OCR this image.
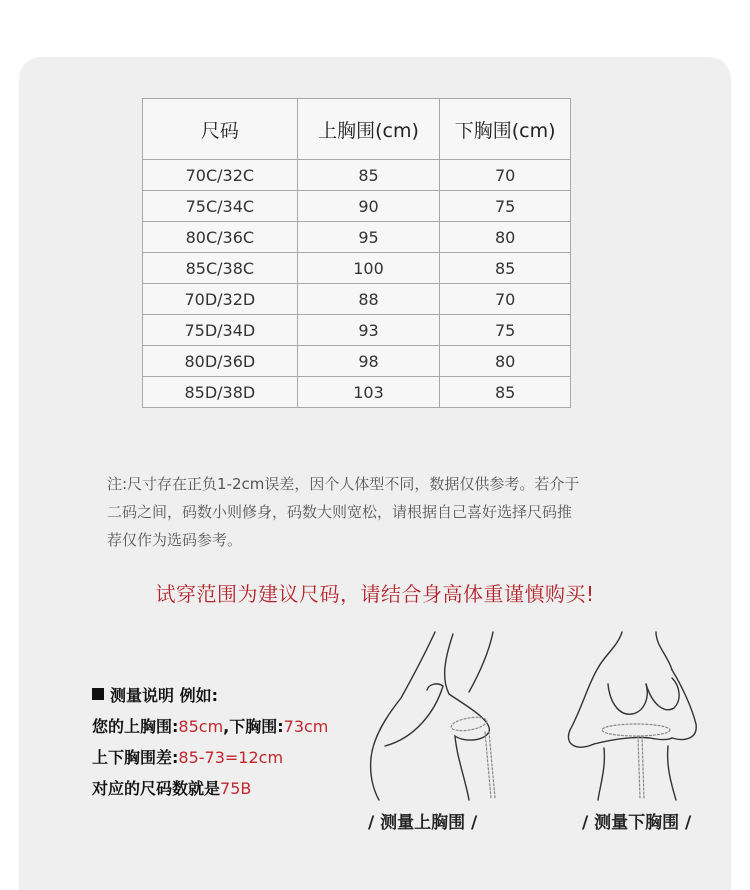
尺码	上胸围(cm)	下胸围(cm)
70C/32C	85	70
75C/34C	90	75
80C/36C	95	80
85C/38C	100	85
70D/32D	88	70
75D/34D	93	75
80D/36D	98	80
85D/38D	103	85

注:尺寸存在正负1-2cm误差，因个人体型不同，数据仅供参考。若介于
二码之间，码数小则修身，码数大则宽松，请根据自己喜好选择尺码推
荐仅作为选码参考。

试穿范围为建议尺码，请结合身高体重谨慎购买!

测量说明 例如:
您的上胸围:85cm,下胸围:73cm
上下胸围差:85-73=12cm
对应的尺码数就是75B
/ 测量上胸围 /	/ 测量下胸围 /
